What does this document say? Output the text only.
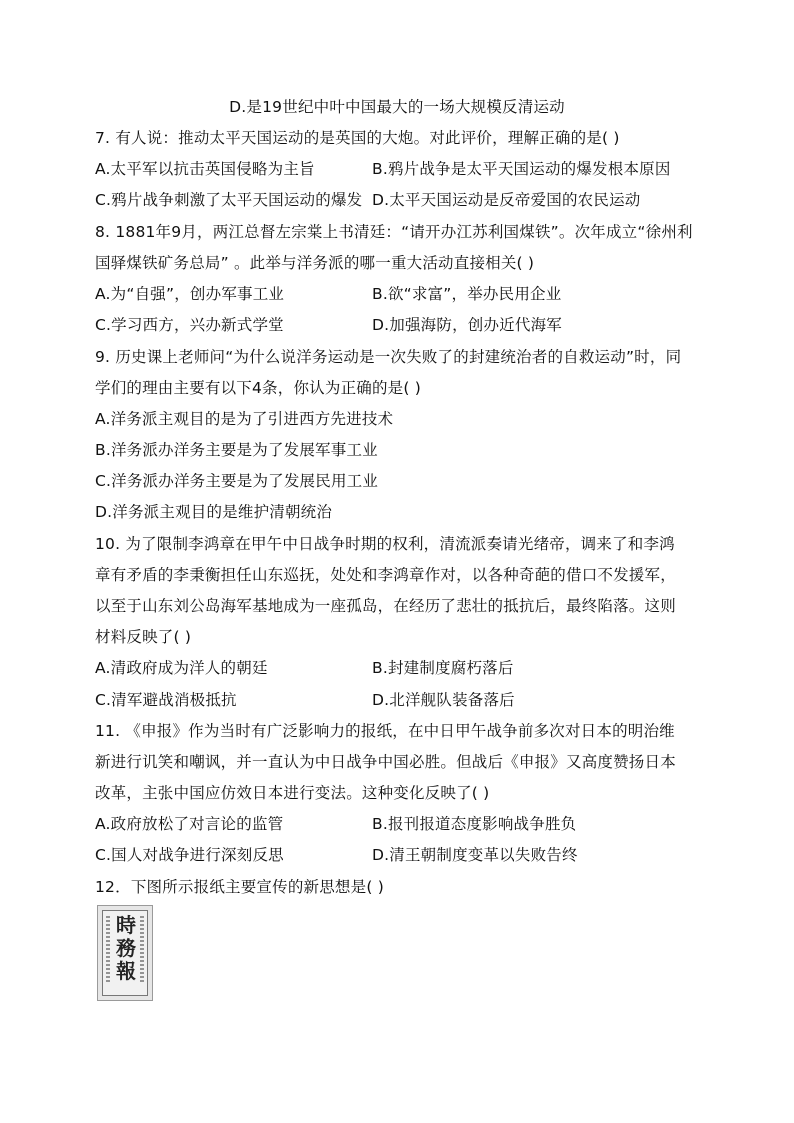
D.是19世纪中叶中国最大的一场大规模反清运动
7. 有人说：推动太平天国运动的是英国的大炮。对此评价，理解正确的是( )
A.太平军以抗击英国侵略为主旨	B.鸦片战争是太平天国运动的爆发根本原因
C.鸦片战争刺激了太平天国运动的爆发 D.太平天国运动是反帝爱国的农民运动
8. 1881年9月，两江总督左宗棠上书清廷：“请开办江苏利国煤铁”。次年成立“徐州利
国驿煤铁矿务总局” 。此举与洋务派的哪一重大活动直接相关( )
A.为“自强”，创办军事工业	B.欲“求富”，举办民用企业
C.学习西方，兴办新式学堂	D.加强海防，创办近代海军
9. 历史课上老师问“为什么说洋务运动是一次失败了的封建统治者的自救运动”时，同
学们的理由主要有以下4条，你认为正确的是( )
A.洋务派主观目的是为了引进西方先进技术
B.洋务派办洋务主要是为了发展军事工业
C.洋务派办洋务主要是为了发展民用工业
D.洋务派主观目的是维护清朝统治
10. 为了限制李鸿章在甲午中日战争时期的权利，清流派奏请光绪帝，调来了和李鸿
章有矛盾的李秉衡担任山东巡抚，处处和李鸿章作对，以各种奇葩的借口不发援军，
以至于山东刘公岛海军基地成为一座孤岛，在经历了悲壮的抵抗后，最终陷落。这则
材料反映了( )
A.清政府成为洋人的朝廷	B.封建制度腐朽落后
C.清军避战消极抵抗	D.北洋舰队装备落后
11. 《申报》作为当时有广泛影响力的报纸，在中日甲午战争前多次对日本的明治维
新进行讥笑和嘲讽，并一直认为中日战争中国必胜。但战后《申报》又高度赞扬日本
改革，主张中国应仿效日本进行变法。这种变化反映了( )
A.政府放松了对言论的监管	B.报刊报道态度影响战争胜负
C.国人对战争进行深刻反思	D.清王朝制度变革以失败告终
12．下图所示报纸主要宣传的新思想是( )
時
務
報
